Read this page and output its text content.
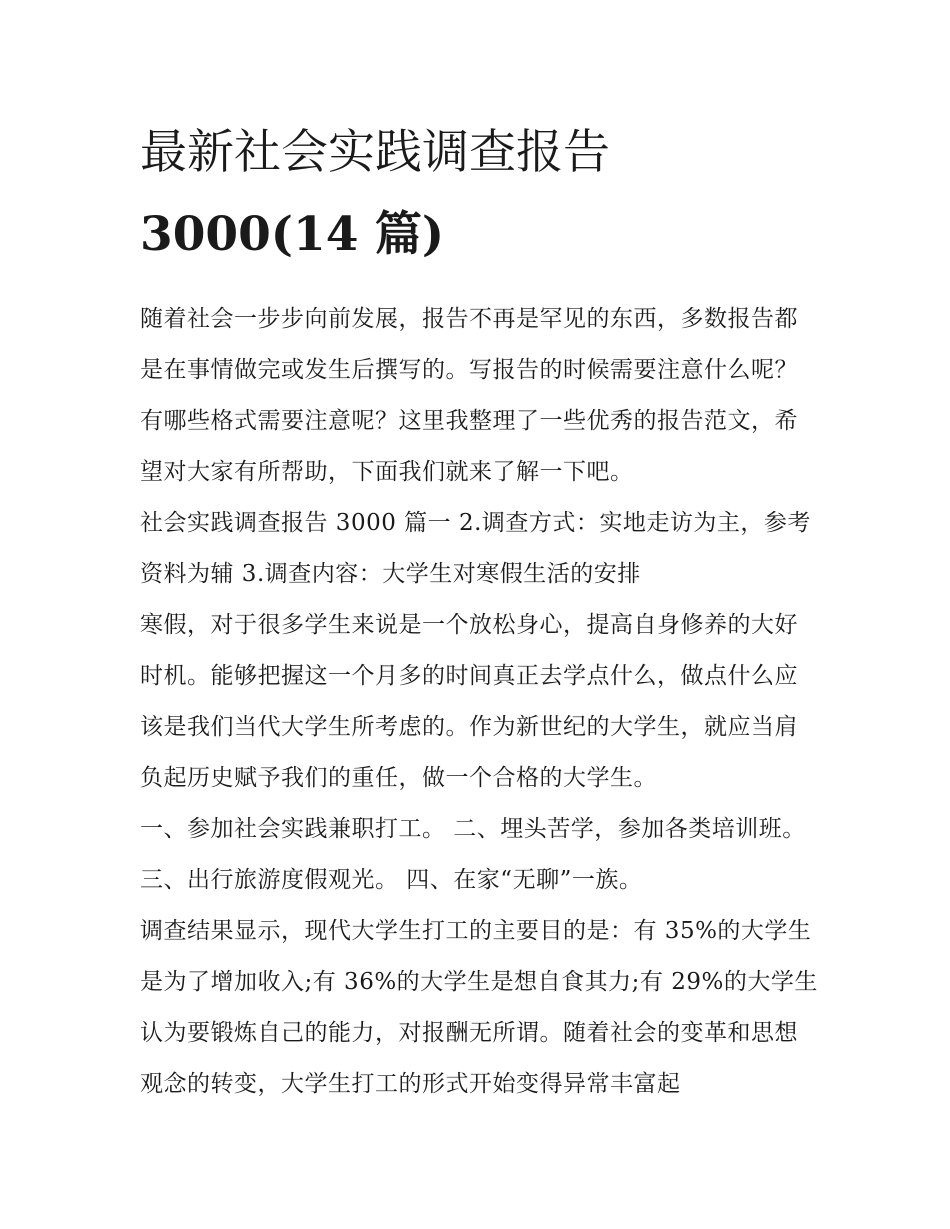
最新社会实践调查报告
3000(14 篇)

随着社会一步步向前发展，报告不再是罕见的东西，多数报告都是在事情做完或发生后撰写的。写报告的时候需要注意什么呢？有哪些格式需要注意呢？这里我整理了一些优秀的报告范文，希望对大家有所帮助，下面我们就来了解一下吧。

社会实践调查报告 3000 篇一 2.调查方式：实地走访为主，参考资料为辅 3.调查内容：大学生对寒假生活的安排

寒假，对于很多学生来说是一个放松身心，提高自身修养的大好时机。能够把握这一个月多的时间真正去学点什么，做点什么应该是我们当代大学生所考虑的。作为新世纪的大学生，就应当肩负起历史赋予我们的重任，做一个合格的大学生。

一、参加社会实践兼职打工。 二、埋头苦学，参加各类培训班。 三、出行旅游度假观光。 四、在家“无聊”一族。

调查结果显示，现代大学生打工的主要目的是：有 35%的大学生是为了增加收入;有 36%的大学生是想自食其力;有 29%的大学生认为要锻炼自己的能力，对报酬无所谓。随着社会的变革和思想观念的转变，大学生打工的形式开始变得异常丰富起
